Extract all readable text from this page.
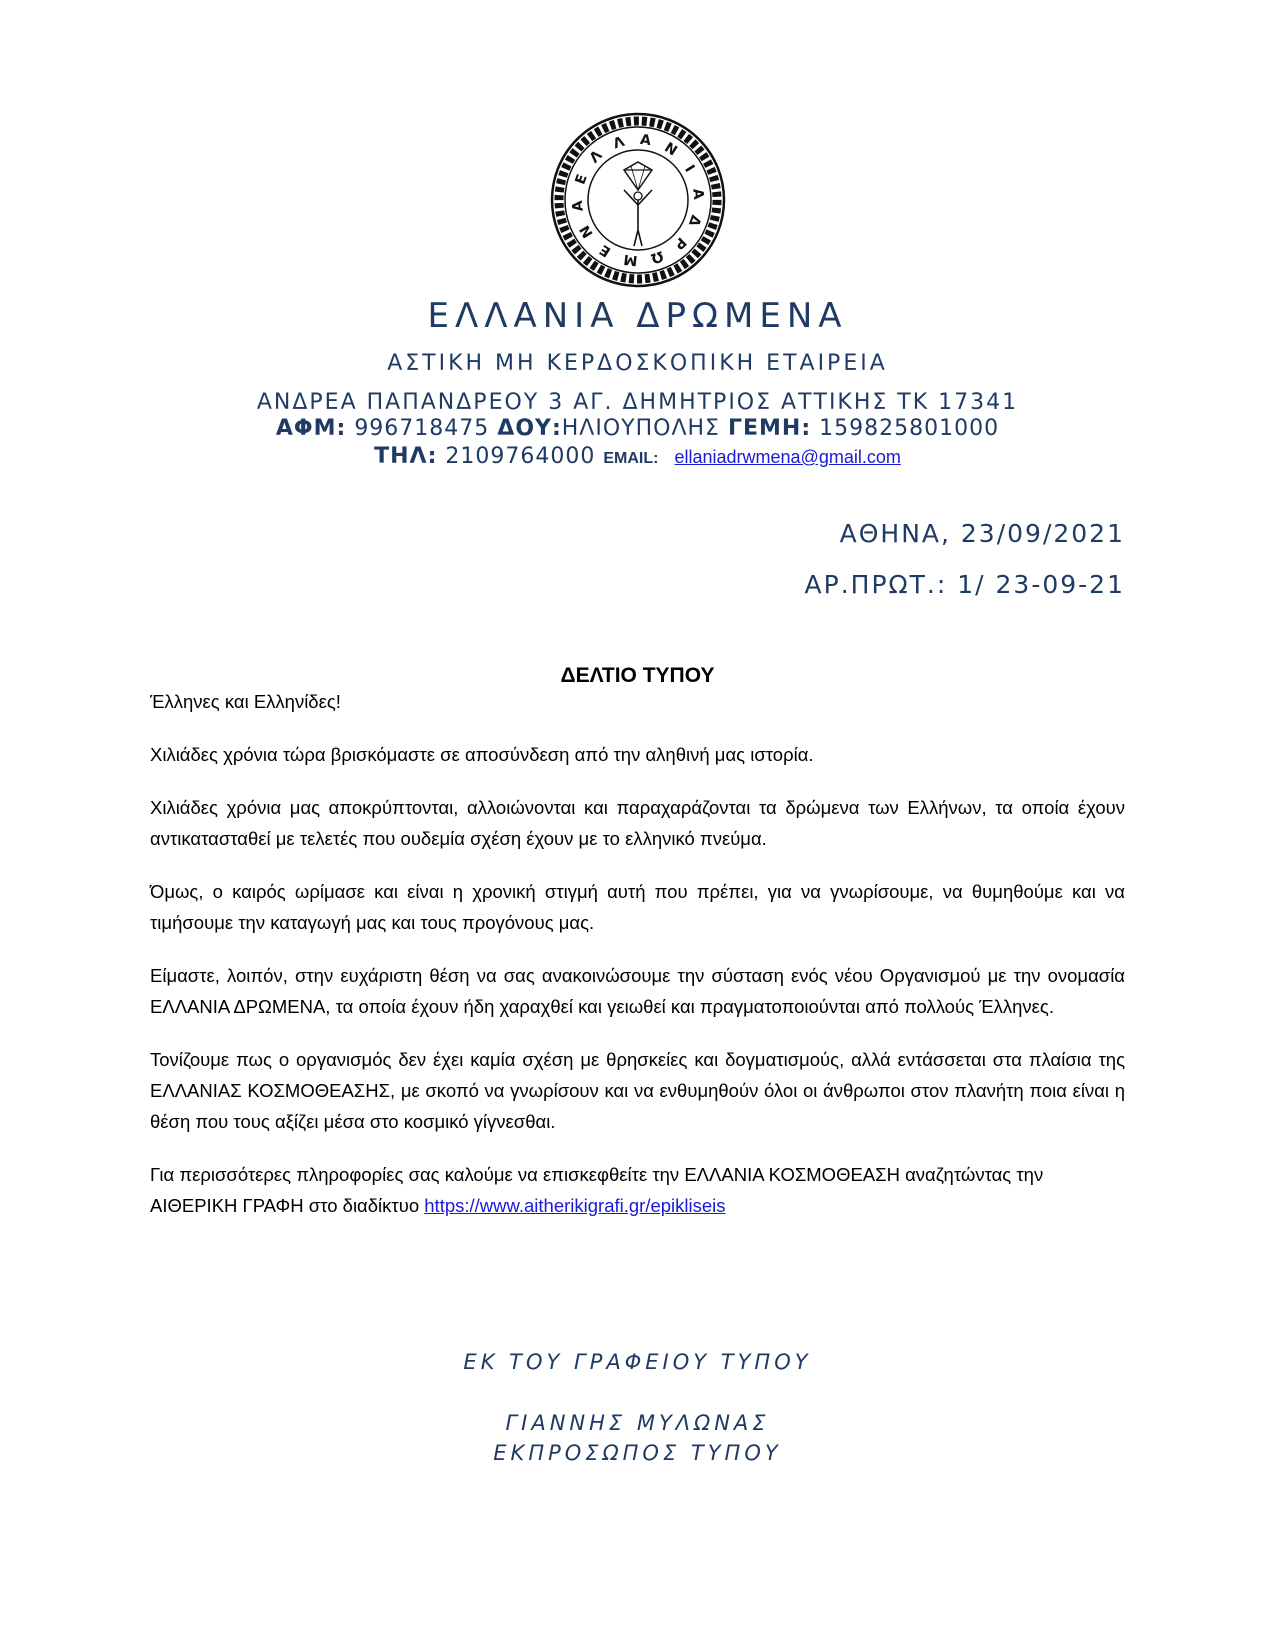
Ε
Λ
Λ Α Ν
Ι
Α
Δ
Ρ
Ω
Μ
Ε
Ν
Α
ΕΛΛΑΝΙΑ ΔΡΩΜΕΝΑ
ΑΣΤΙΚΗ ΜΗ ΚΕΡΔΟΣΚΟΠΙΚΗ ΕΤΑΙΡΕΙΑ
ΑΝΔΡΕΑ ΠΑΠΑΝΔΡΕΟΥ 3 ΑΓ. ΔΗΜΗΤΡΙΟΣ ΑΤΤΙΚΗΣ ΤΚ 17341
ΑΦΜ: 996718475 ΔΟΥ:ΗΛΙΟΥΠΟΛΗΣ ΓΕΜΗ: 159825801000
ΤΗΛ: 2109764000 EMAIL: ellaniadrwmena@gmail.com
ΑΘΗΝΑ, 23/09/2021
ΑΡ.ΠΡΩΤ.: 1/ 23-09-21
ΔΕΛΤΙΟ ΤΥΠΟΥ

Έλληνες και Ελληνίδες!

Χιλιάδες χρόνια τώρα βρισκόμαστε σε αποσύνδεση από την αληθινή μας ιστορία.

Χιλιάδες χρόνια μας αποκρύπτονται, αλλοιώνονται και παραχαράζονται τα δρώμενα των Ελλήνων, τα οποία έχουν αντικατασταθεί με τελετές που ουδεμία σχέση έχουν με το ελληνικό πνεύμα.

Όμως, ο καιρός ωρίμασε και είναι η χρονική στιγμή αυτή που πρέπει, για να γνωρίσουμε, να θυμηθούμε και να τιμήσουμε την καταγωγή μας και τους προγόνους μας.

Είμαστε, λοιπόν, στην ευχάριστη θέση να σας ανακοινώσουμε την σύσταση ενός νέου Οργανισμού με την ονομασία ΕΛΛΑΝΙΑ ΔΡΩΜΕΝΑ, τα οποία έχουν ήδη χαραχθεί και γειωθεί και πραγματοποιούνται από πολλούς Έλληνες.

Τονίζουμε πως ο οργανισμός δεν έχει καμία σχέση με θρησκείες και δογματισμούς, αλλά εντάσσεται στα πλαίσια της ΕΛΛΑΝΙΑΣ ΚΟΣΜΟΘΕΑΣΗΣ, με σκοπό να γνωρίσουν και να ενθυμηθούν όλοι οι άνθρωποι στον πλανήτη ποια είναι η θέση που τους αξίζει μέσα στο κοσμικό γίγνεσθαι.

Για περισσότερες πληροφορίες σας καλούμε να επισκεφθείτε την ΕΛΛΑΝΙΑ ΚΟΣΜΟΘΕΑΣΗ αναζητώντας την ΑΙΘΕΡΙΚΗ ΓΡΑΦΗ στο διαδίκτυο https://www.aitherikigrafi.gr/epikliseis

ΕΚ ΤΟΥ ΓΡΑΦΕΙΟΥ ΤΥΠΟΥ
ΓΙΑΝΝΗΣ ΜΥΛΩΝΑΣ
ΕΚΠΡΟΣΩΠΟΣ ΤΥΠΟΥ
